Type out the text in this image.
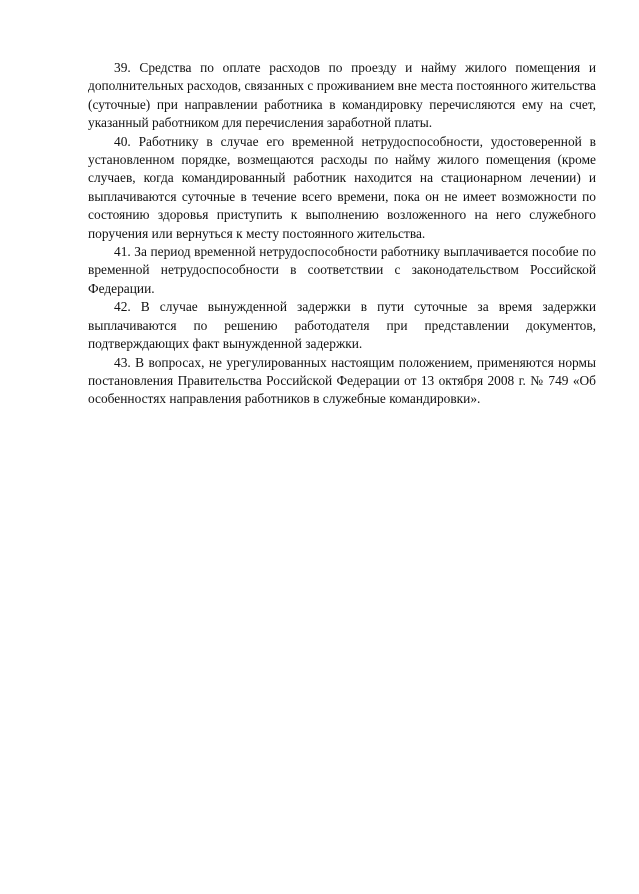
39. Средства по оплате расходов по проезду и найму жилого помещения и дополнительных расходов, связанных с проживанием вне места постоянного жительства (суточные) при направлении работника в командировку перечисляются ему на счет, указанный работником для перечисления заработной платы.

40. Работнику в случае его временной нетрудоспособности, удостоверенной в установленном порядке, возмещаются расходы по найму жилого помещения (кроме случаев, когда командированный работник находится на стационарном лечении) и выплачиваются суточные в течение всего времени, пока он не имеет возможности по состоянию здоровья приступить к выполнению возложенного на него служебного поручения или вернуться к месту постоянного жительства.

41. За период временной нетрудоспособности работнику выплачивается пособие по временной нетрудоспособности в соответствии с законодательством Российской Федерации.

42. В случае вынужденной задержки в пути суточные за время задержки выплачиваются по решению работодателя при представлении документов, подтверждающих факт вынужденной задержки.

43. В вопросах, не урегулированных настоящим положением, применяются нормы постановления Правительства Российской Федерации от 13 октября 2008 г. № 749 «Об особенностях направления работников в служебные командировки».
